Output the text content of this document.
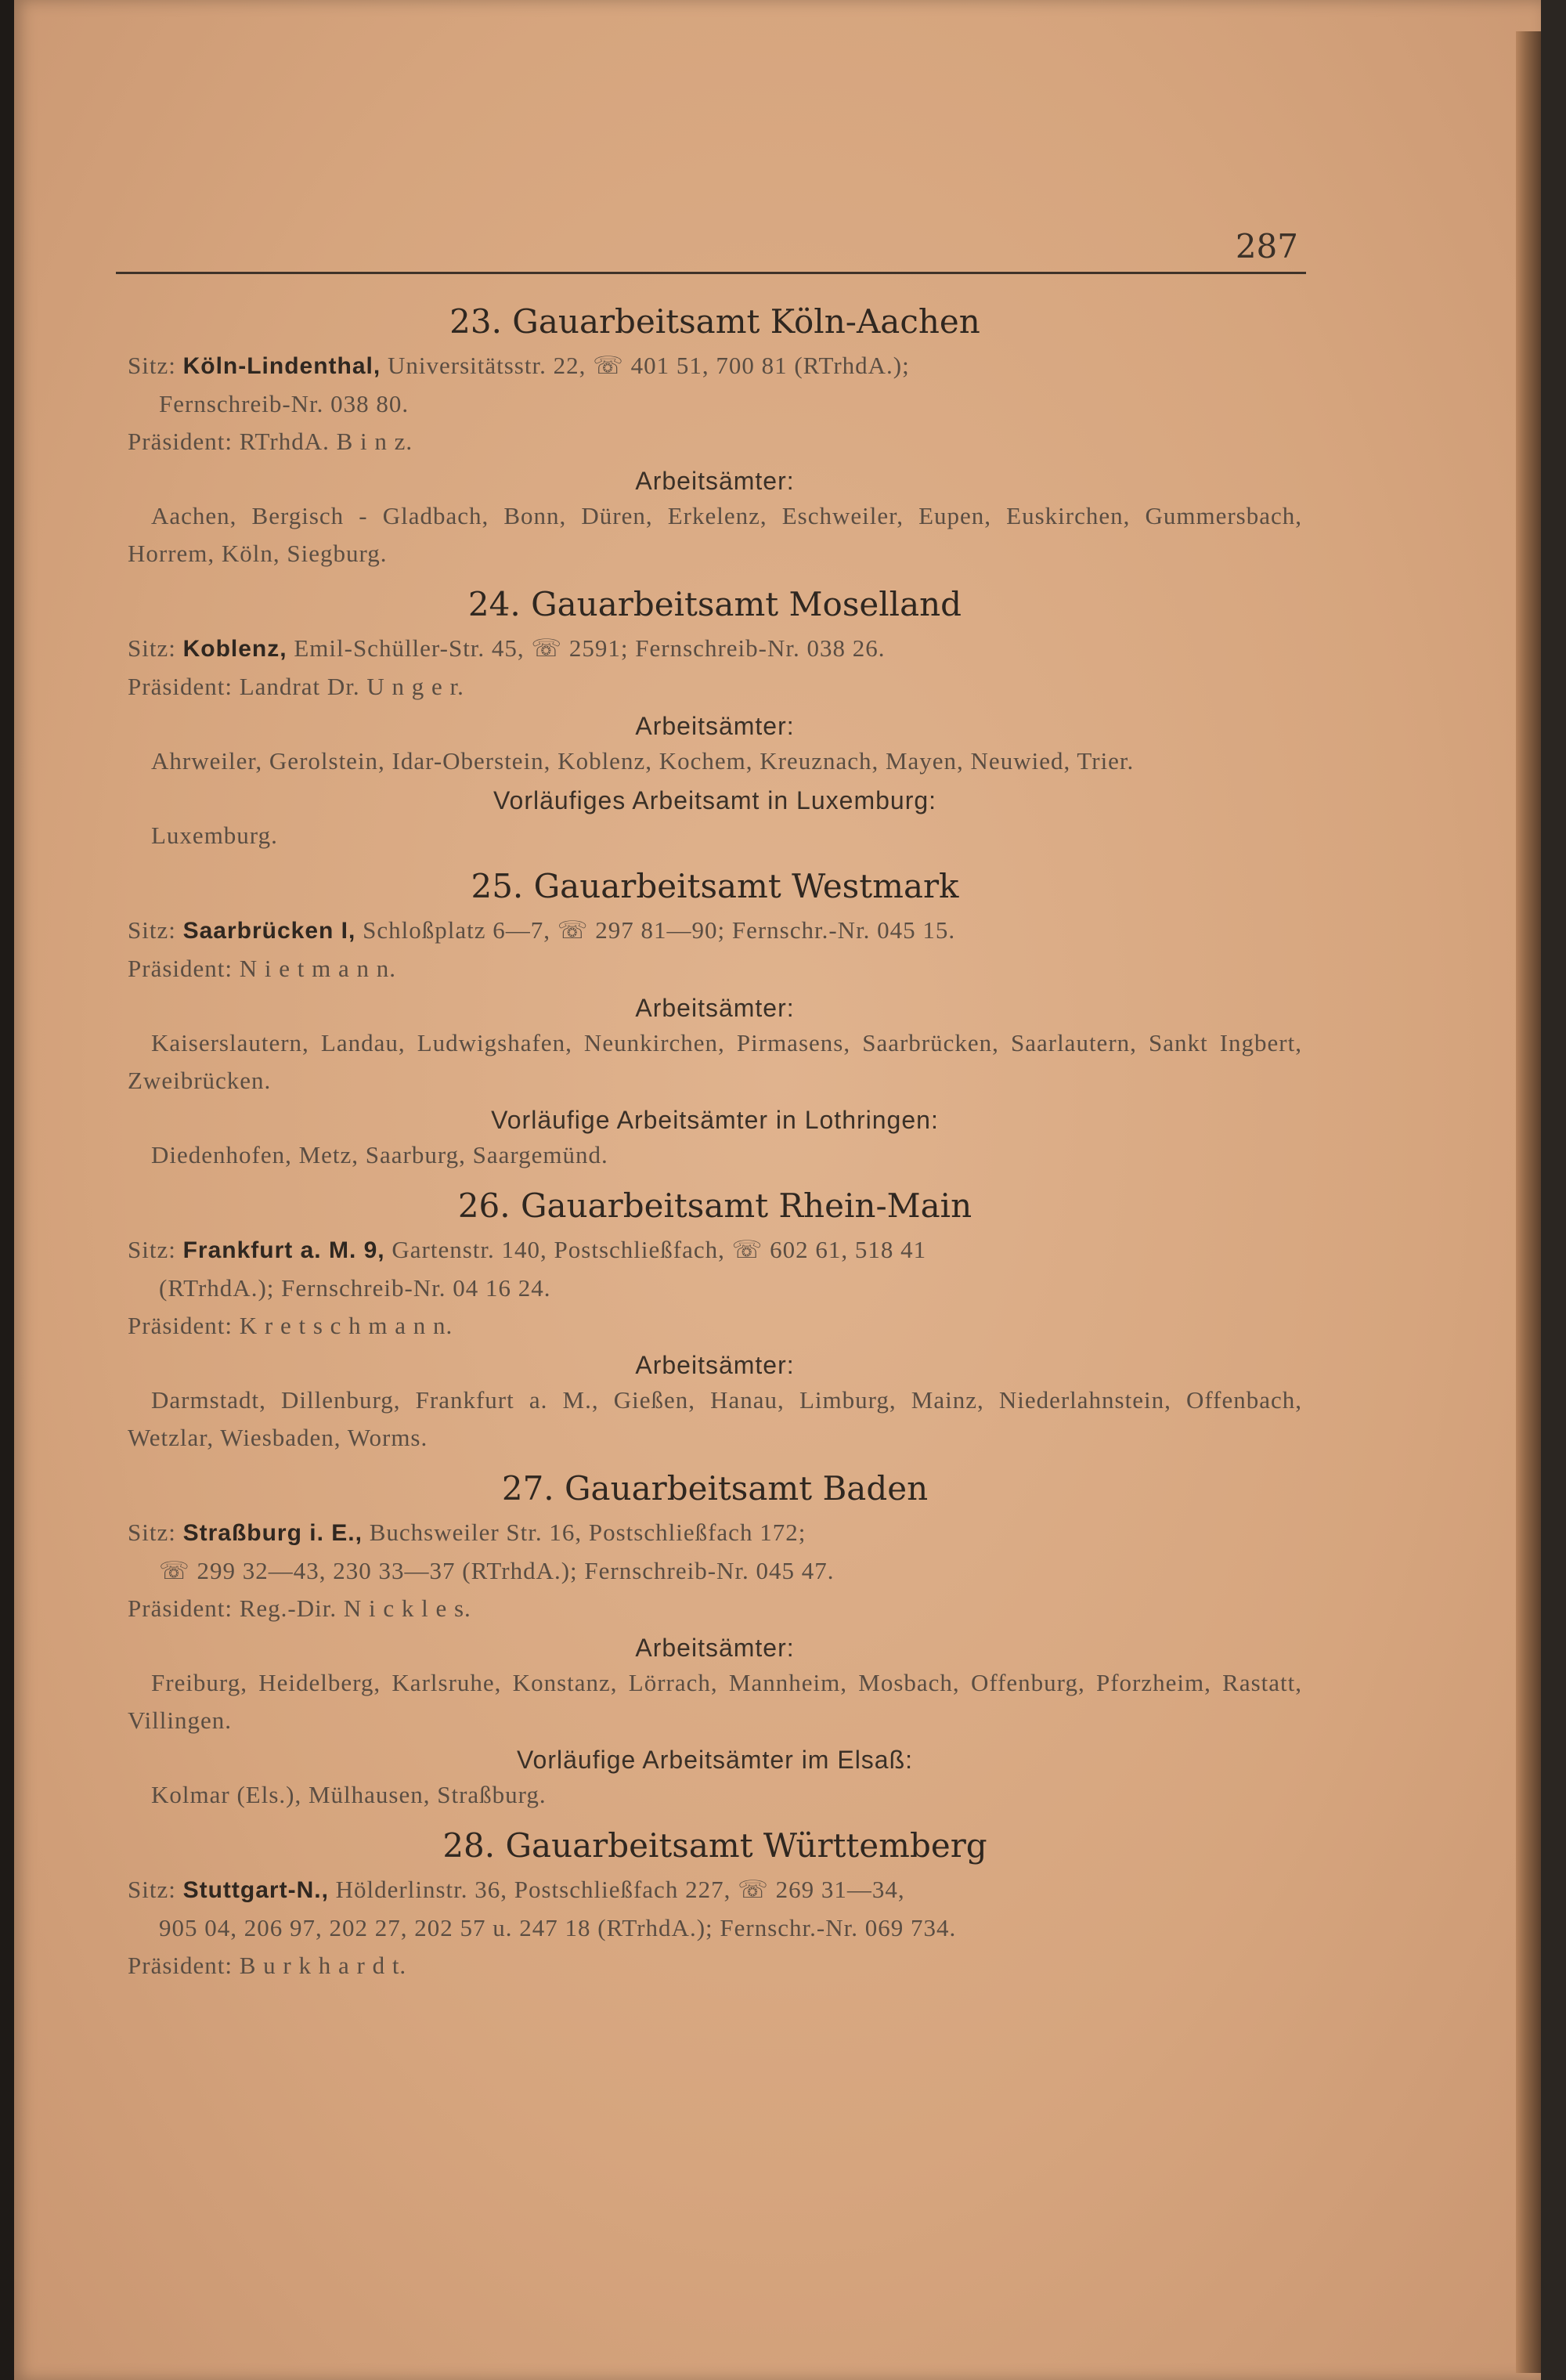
287
23. Gauarbeitsamt Köln-Aachen

Sitz: Köln-Lindenthal, Universitätsstr. 22, ☏ 401 51, 700 81 (RTrhdA.);

Fernschreib-Nr. 038 80.

Präsident: RTrhdA. B i n z.

Arbeitsämter:

Aachen, Bergisch - Gladbach, Bonn, Düren, Erkelenz, Eschweiler, Eupen, Euskirchen, Gummersbach, Horrem, Köln, Siegburg.

24. Gauarbeitsamt Moselland

Sitz: Koblenz, Emil-Schüller-Str. 45, ☏ 2591; Fernschreib-Nr. 038 26.

Präsident: Landrat Dr. U n g e r.

Arbeitsämter:

Ahrweiler, Gerolstein, Idar-Oberstein, Koblenz, Kochem, Kreuznach, Mayen, Neuwied, Trier.

Vorläufiges Arbeitsamt in Luxemburg:

Luxemburg.

25. Gauarbeitsamt Westmark

Sitz: Saarbrücken I, Schloßplatz 6—7, ☏ 297 81—90; Fernschr.-Nr. 045 15.

Präsident: N i e t m a n n.

Arbeitsämter:

Kaiserslautern, Landau, Ludwigshafen, Neunkirchen, Pirmasens, Saarbrücken, Saarlautern, Sankt Ingbert, Zweibrücken.

Vorläufige Arbeitsämter in Lothringen:

Diedenhofen, Metz, Saarburg, Saargemünd.

26. Gauarbeitsamt Rhein-Main

Sitz: Frankfurt a. M. 9, Gartenstr. 140, Postschließfach, ☏ 602 61, 518 41

(RTrhdA.); Fernschreib-Nr. 04 16 24.

Präsident: K r e t s c h m a n n.

Arbeitsämter:

Darmstadt, Dillenburg, Frankfurt a. M., Gießen, Hanau, Limburg, Mainz, Niederlahnstein, Offenbach, Wetzlar, Wiesbaden, Worms.

27. Gauarbeitsamt Baden

Sitz: Straßburg i. E., Buchsweiler Str. 16, Postschließfach 172;

☏ 299 32—43, 230 33—37 (RTrhdA.); Fernschreib-Nr. 045 47.

Präsident: Reg.-Dir. N i c k l e s.

Arbeitsämter:

Freiburg, Heidelberg, Karlsruhe, Konstanz, Lörrach, Mannheim, Mosbach, Offenburg, Pforzheim, Rastatt, Villingen.

Vorläufige Arbeitsämter im Elsaß:

Kolmar (Els.), Mülhausen, Straßburg.

28. Gauarbeitsamt Württemberg

Sitz: Stuttgart-N., Hölderlinstr. 36, Postschließfach 227, ☏ 269 31—34,

905 04, 206 97, 202 27, 202 57 u. 247 18 (RTrhdA.); Fernschr.-Nr. 069 734.

Präsident: B u r k h a r d t.
